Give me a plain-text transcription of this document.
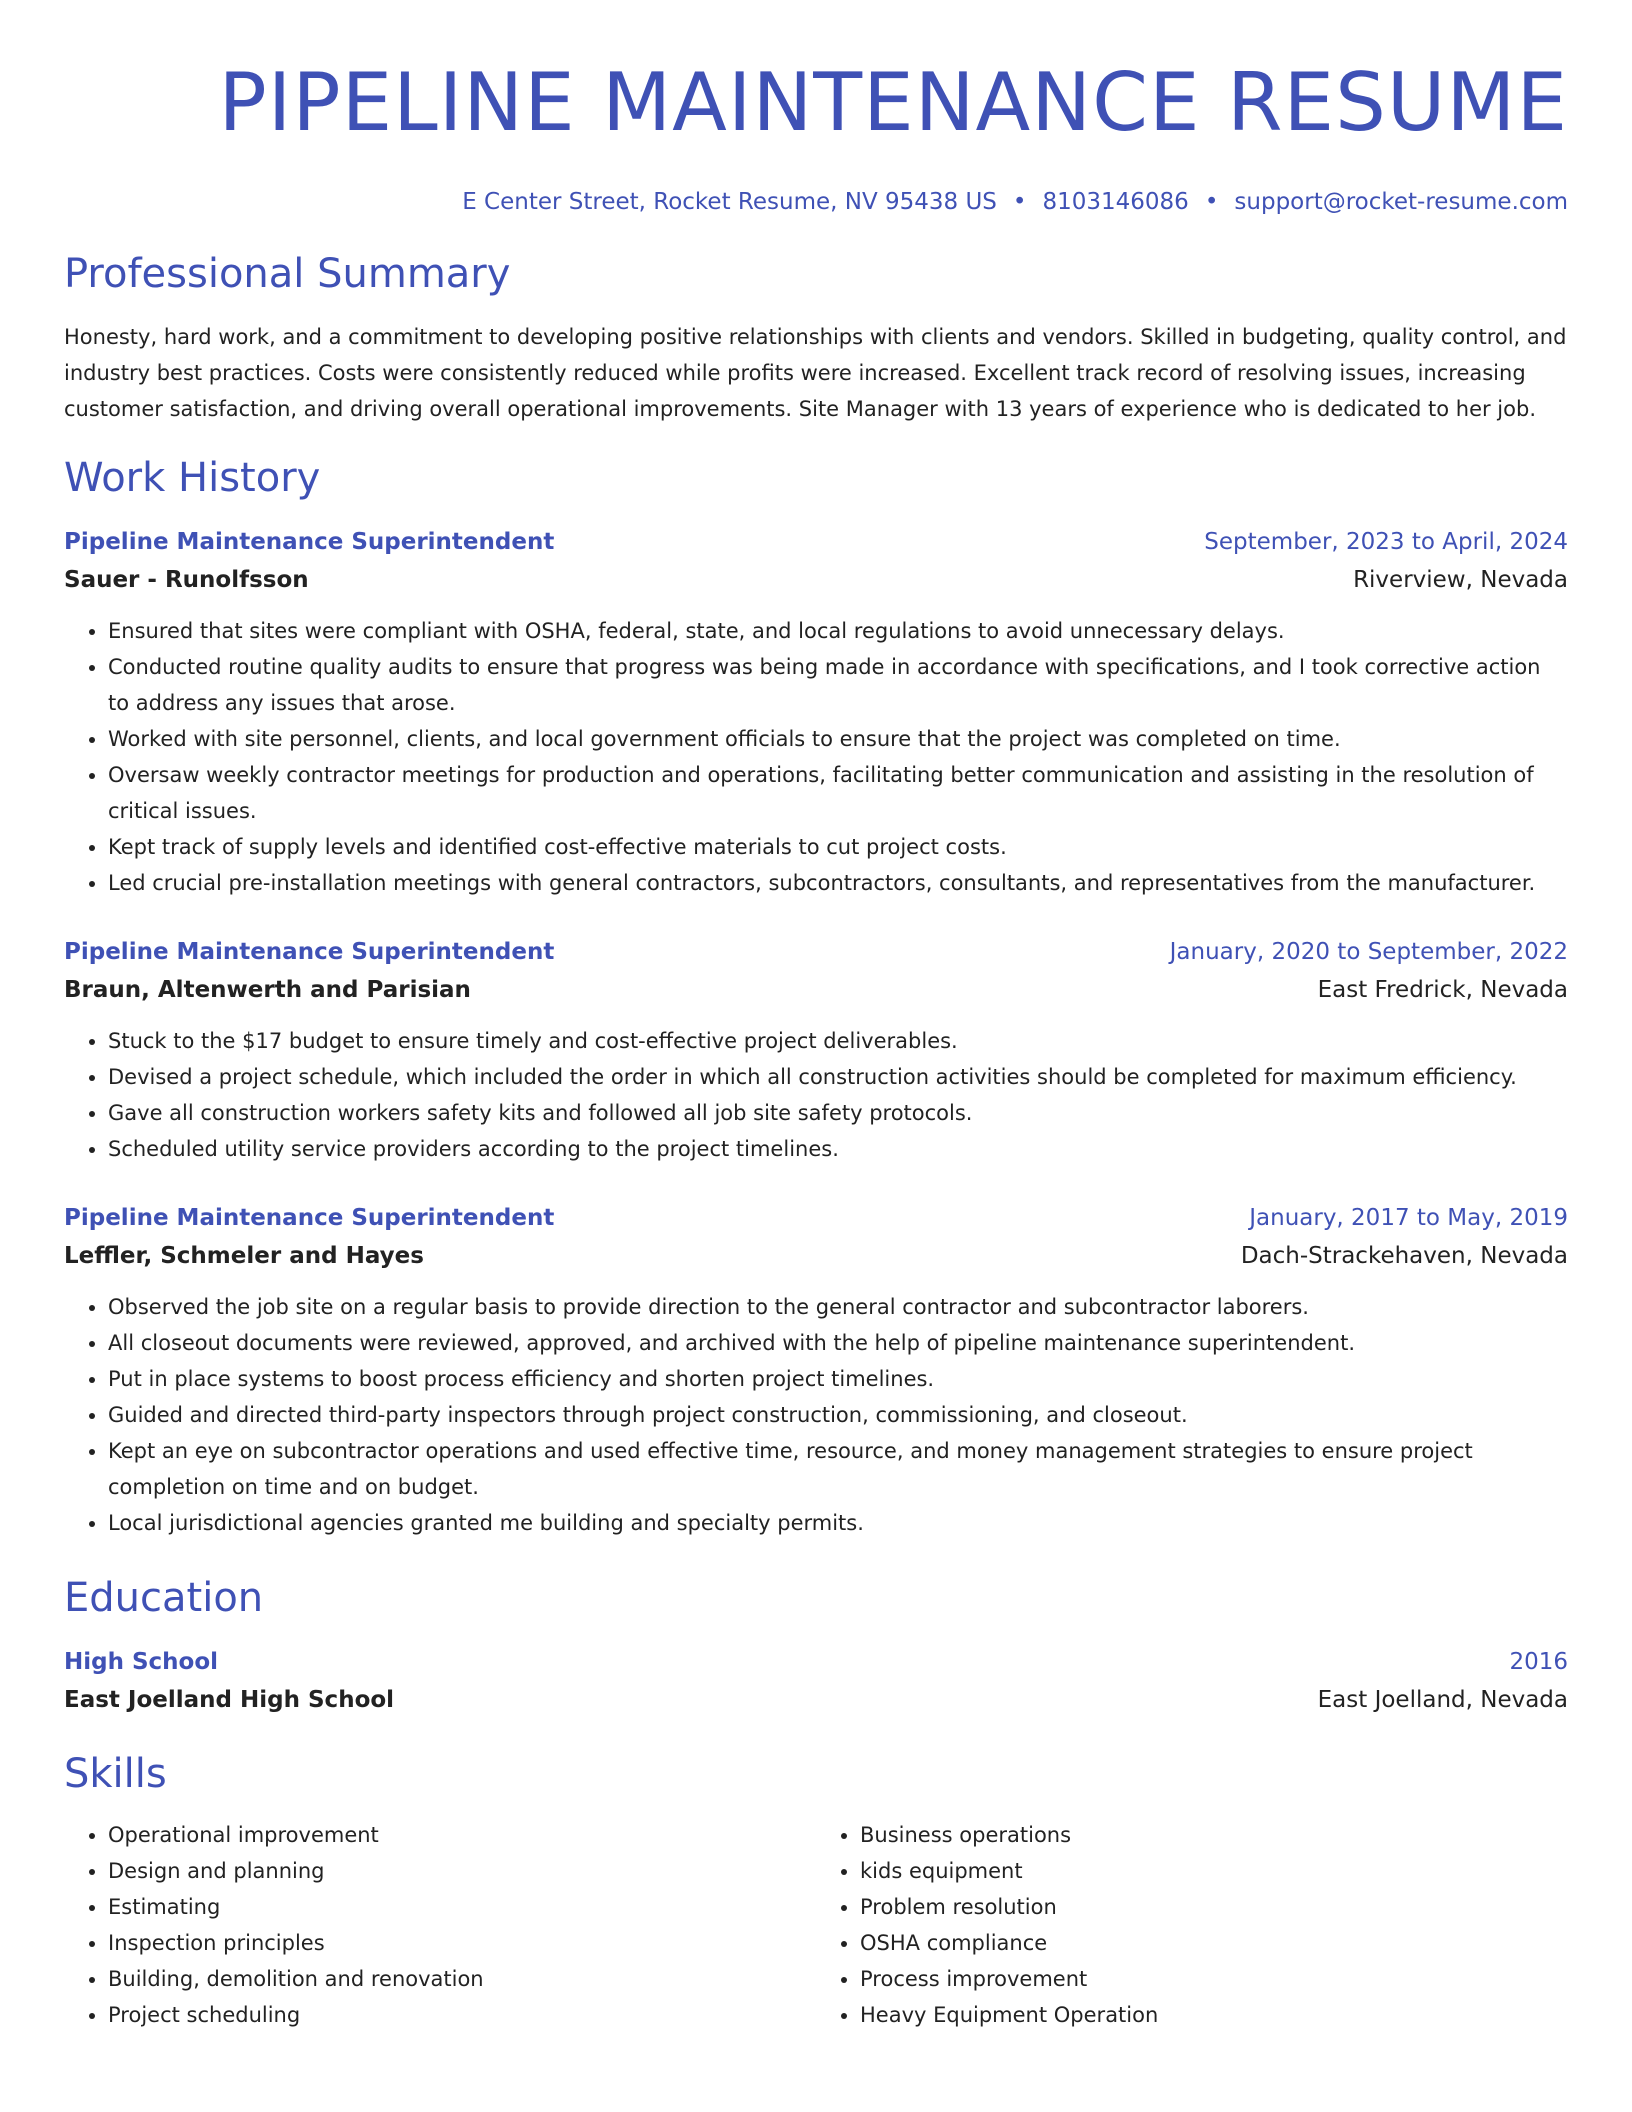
PIPELINE MAINTENANCE RESUME
E Center Street, Rocket Resume, NV 95438 US • 8103146086 • support@rocket-resume.com
Professional Summary
Honesty, hard work, and a commitment to developing positive relationships with clients and vendors. Skilled in budgeting, quality control, and industry best practices. Costs were consistently reduced while profits were increased. Excellent track record of resolving issues, increasing customer satisfaction, and driving overall operational improvements. Site Manager with 13 years of experience who is dedicated to her job.
Work History
Pipeline Maintenance Superintendent	September, 2023 to April, 2024
Sauer - Runolfsson	Riverview, Nevada
• Ensured that sites were compliant with OSHA, federal, state, and local regulations to avoid unnecessary delays.
• Conducted routine quality audits to ensure that progress was being made in accordance with specifications, and I took corrective action to address any issues that arose.
• Worked with site personnel, clients, and local government officials to ensure that the project was completed on time.
• Oversaw weekly contractor meetings for production and operations, facilitating better communication and assisting in the resolution of critical issues.
• Kept track of supply levels and identified cost-effective materials to cut project costs.
• Led crucial pre-installation meetings with general contractors, subcontractors, consultants, and representatives from the manufacturer.
Pipeline Maintenance Superintendent	January, 2020 to September, 2022
Braun, Altenwerth and Parisian	East Fredrick, Nevada
• Stuck to the $17 budget to ensure timely and cost-effective project deliverables.
• Devised a project schedule, which included the order in which all construction activities should be completed for maximum efficiency.
• Gave all construction workers safety kits and followed all job site safety protocols.
• Scheduled utility service providers according to the project timelines.
Pipeline Maintenance Superintendent	January, 2017 to May, 2019
Leffler, Schmeler and Hayes	Dach-Strackehaven, Nevada
• Observed the job site on a regular basis to provide direction to the general contractor and subcontractor laborers.
• All closeout documents were reviewed, approved, and archived with the help of pipeline maintenance superintendent.
• Put in place systems to boost process efficiency and shorten project timelines.
• Guided and directed third-party inspectors through project construction, commissioning, and closeout.
• Kept an eye on subcontractor operations and used effective time, resource, and money management strategies to ensure project completion on time and on budget.
• Local jurisdictional agencies granted me building and specialty permits.
Education
High School	2016
East Joelland High School	East Joelland, Nevada
Skills
• Operational improvement
• Design and planning
• Estimating
• Inspection principles
• Building, demolition and renovation
• Project scheduling
• Business operations
• kids equipment
• Problem resolution
• OSHA compliance
• Process improvement
• Heavy Equipment Operation
